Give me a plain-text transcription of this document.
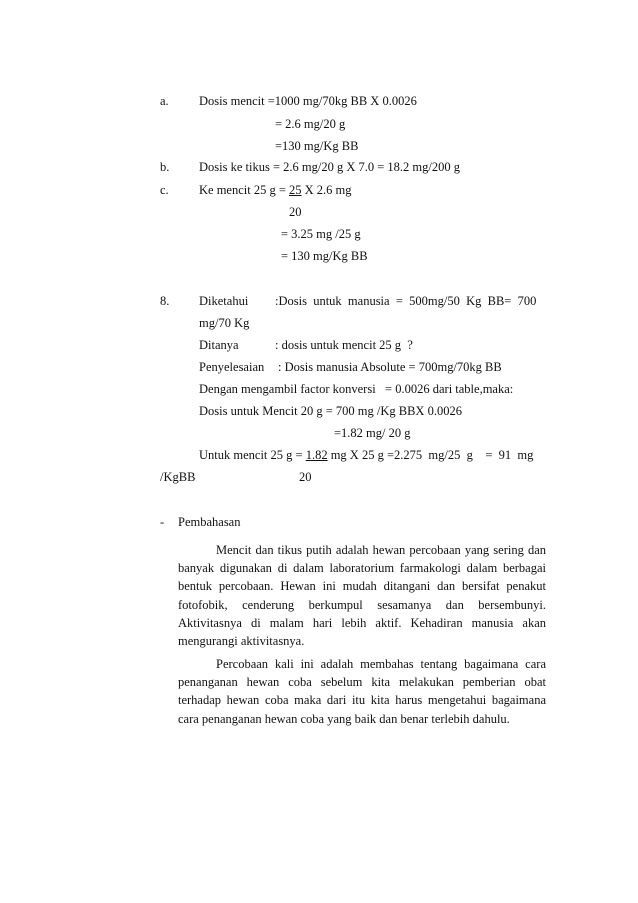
a. Dosis mencit =1000 mg/70kg BB X 0.0026
= 2.6 mg/20 g
=130 mg/Kg BB
b. Dosis ke tikus = 2.6 mg/20 g X 7.0 = 18.2 mg/200 g
c. Ke mencit 25 g = 25 X 2.6 mg
20
= 3.25 mg /25 g
= 130 mg/Kg BB
8. Diketahui :Dosis  untuk  manusia  =  500mg/50  Kg  BB=  700
mg/70 Kg
Ditanya	: dosis untuk mencit 25 g  ?
Penyelesaian : Dosis manusia Absolute = 700mg/70kg BB
Dengan mengambil factor konversi   = 0.0026 dari table,maka:
Dosis untuk Mencit 20 g = 700 mg /Kg BBX 0.0026
=1.82 mg/ 20 g
Untuk mencit 25 g = 1.82 mg X 25 g =2.275  mg/25  g    =  91  mg
/KgBB	20
- Pembahasan
Mencit dan tikus putih adalah hewan percobaan yang sering dan banyak digunakan di dalam laboratorium farmakologi dalam berbagai bentuk percobaan. Hewan ini mudah ditangani dan bersifat penakut fotofobik, cenderung berkumpul sesamanya dan bersembunyi. Aktivitasnya di malam hari lebih aktif. Kehadiran manusia akan mengurangi aktivitasnya.
Percobaan kali ini adalah membahas tentang bagaimana cara penanganan hewan coba sebelum kita melakukan pemberian obat terhadap hewan coba maka dari itu kita harus mengetahui bagaimana cara penanganan hewan coba yang baik dan benar terlebih dahulu.
